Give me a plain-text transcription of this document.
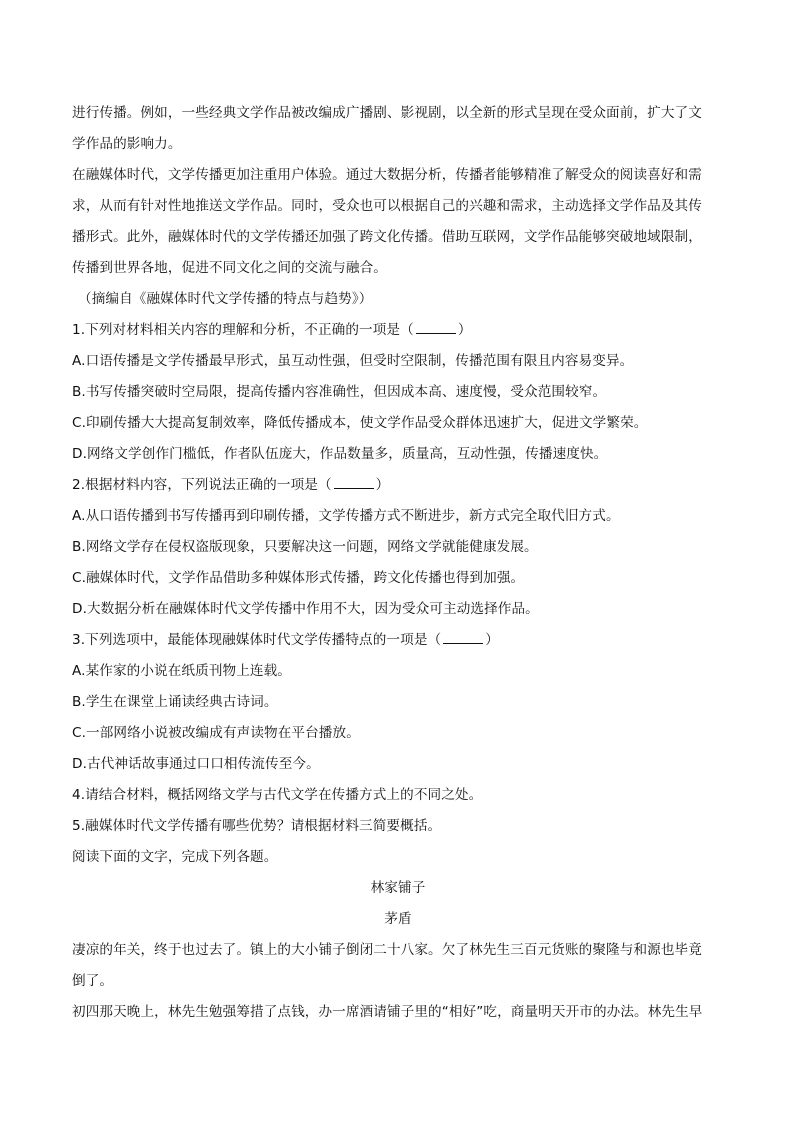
进行传播。例如，一些经典文学作品被改编成广播剧、影视剧，以全新的形式呈现在受众面前，扩大了文
学作品的影响力。
在融媒体时代，文学传播更加注重用户体验。通过大数据分析，传播者能够精准了解受众的阅读喜好和需
求，从而有针对性地推送文学作品。同时，受众也可以根据自己的兴趣和需求，主动选择文学作品及其传
播形式。此外，融媒体时代的文学传播还加强了跨文化传播。借助互联网，文学作品能够突破地域限制，
传播到世界各地，促进不同文化之间的交流与融合。
（摘编自《融媒体时代文学传播的特点与趋势》）
1.下列对材料相关内容的理解和分析，不正确的一项是（	）
A.口语传播是文学传播最早形式，虽互动性强，但受时空限制，传播范围有限且内容易变异。
B.书写传播突破时空局限，提高传播内容准确性，但因成本高、速度慢，受众范围较窄。
C.印刷传播大大提高复制效率，降低传播成本，使文学作品受众群体迅速扩大，促进文学繁荣。
D.网络文学创作门槛低，作者队伍庞大，作品数量多，质量高，互动性强，传播速度快。
2.根据材料内容，下列说法正确的一项是（	）
A.从口语传播到书写传播再到印刷传播，文学传播方式不断进步，新方式完全取代旧方式。
B.网络文学存在侵权盗版现象，只要解决这一问题，网络文学就能健康发展。
C.融媒体时代，文学作品借助多种媒体形式传播，跨文化传播也得到加强。
D.大数据分析在融媒体时代文学传播中作用不大，因为受众可主动选择作品。
3.下列选项中，最能体现融媒体时代文学传播特点的一项是（	）
A.某作家的小说在纸质刊物上连载。
B.学生在课堂上诵读经典古诗词。
C.一部网络小说被改编成有声读物在平台播放。
D.古代神话故事通过口口相传流传至今。
4.请结合材料，概括网络文学与古代文学在传播方式上的不同之处。
5.融媒体时代文学传播有哪些优势？请根据材料三简要概括。
阅读下面的文字，完成下列各题。
林家铺子
茅盾
凄凉的年关，终于也过去了。镇上的大小铺子倒闭二十八家。欠了林先生三百元货账的聚隆与和源也毕竟
倒了。
初四那天晚上，林先生勉强筹措了点钱，办一席酒请铺子里的“相好”吃，商量明天开市的办法。林先生早
